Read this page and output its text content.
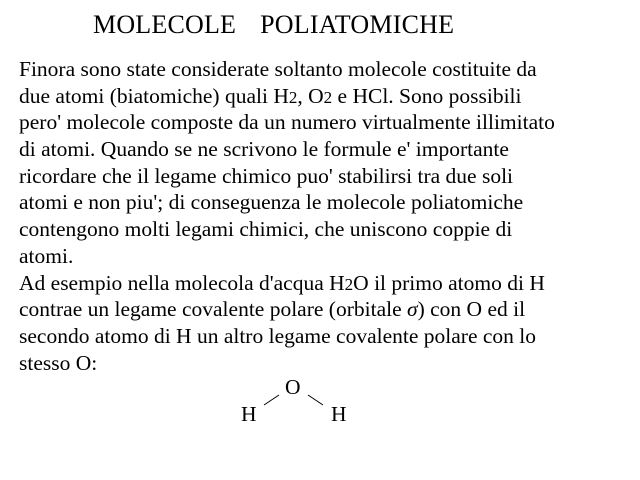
MOLECOLE POLIATOMICHE
Finora sono state considerate soltanto molecole costituite da
due atomi (biatomiche) quali H2, O2 e HCl. Sono possibili
pero' molecole composte da un numero virtualmente illimitato
di atomi. Quando se ne scrivono le formule e' importante
ricordare che il legame chimico puo' stabilirsi tra due soli
atomi e non piu'; di conseguenza le molecole poliatomiche
contengono molti legami chimici, che uniscono coppie di
atomi.
Ad esempio nella molecola d'acqua H2O il primo atomo di H
contrae un legame covalente polare (orbitale σ) con O ed il
secondo atomo di H un altro legame covalente polare con lo
stesso O:
O
H	H
